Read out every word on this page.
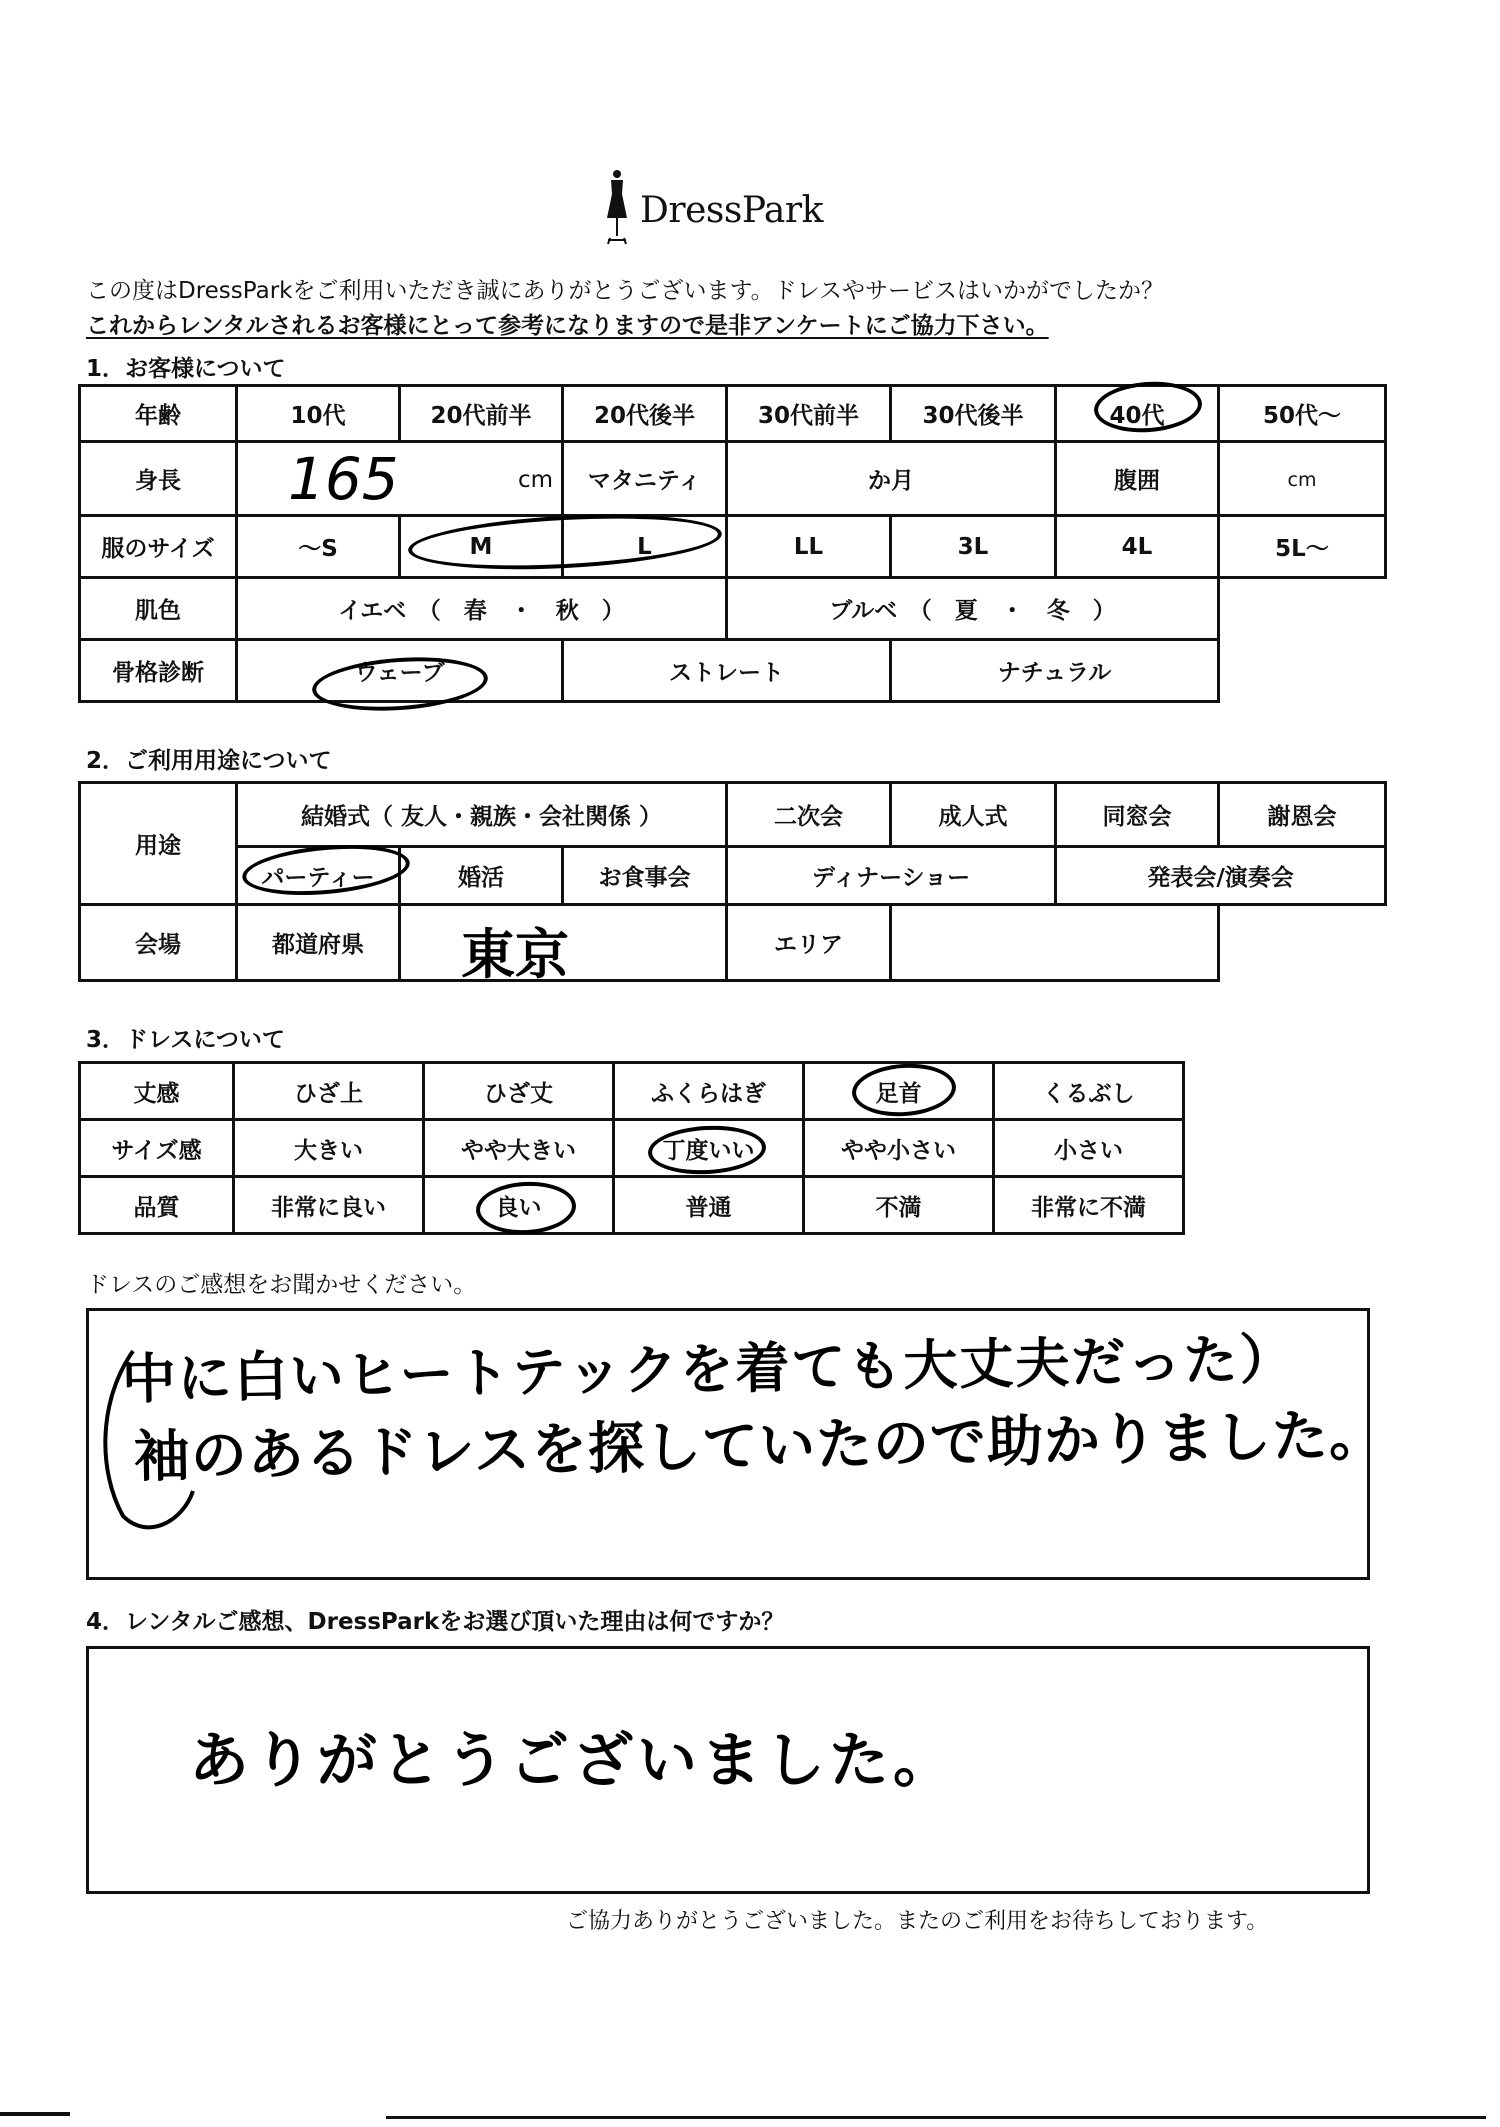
DressPark
この度はDressParkをご利用いただき誠にありがとうございます。ドレスやサービスはいかがでしたか？
これからレンタルされるお客様にとって参考になりますので是非アンケートにご協力下さい。
1．お客様について
年齢	10代	20代前半	20代後半	30代前半	30代後半	40代	50代～
身長	165 cm		マタニティ	か月		腹囲	cm
服のサイズ	～S	M	L	LL	3L	4L	5L～
肌色	イエベ　（　春　・　秋　）			ブルベ　（　夏　・　冬　）			
骨格診断	ウェーブ		ストレート		ナチュラル		
2．ご利用用途について
用途	結婚式（ 友人・親族・会社関係 ）			二次会	成人式	同窓会	謝恩会
	パーティー	婚活	お食事会	ディナーショー		発表会/演奏会	
会場	都道府県	東京		エリア			
3．ドレスについて
丈感	ひざ上	ひざ丈	ふくらはぎ	足首	くるぶし
サイズ感	大きい	やや大きい	丁度いい	やや小さい	小さい
品質	非常に良い	良い	普通	不満	非常に不満
ドレスのご感想をお聞かせください。
中に白いヒートテックを着ても大丈夫だった）
袖のあるドレスを探していたので助かりました。
4．レンタルご感想、DressParkをお選び頂いた理由は何ですか？
ありがとうございました。
ご協力ありがとうございました。またのご利用をお待ちしております。
